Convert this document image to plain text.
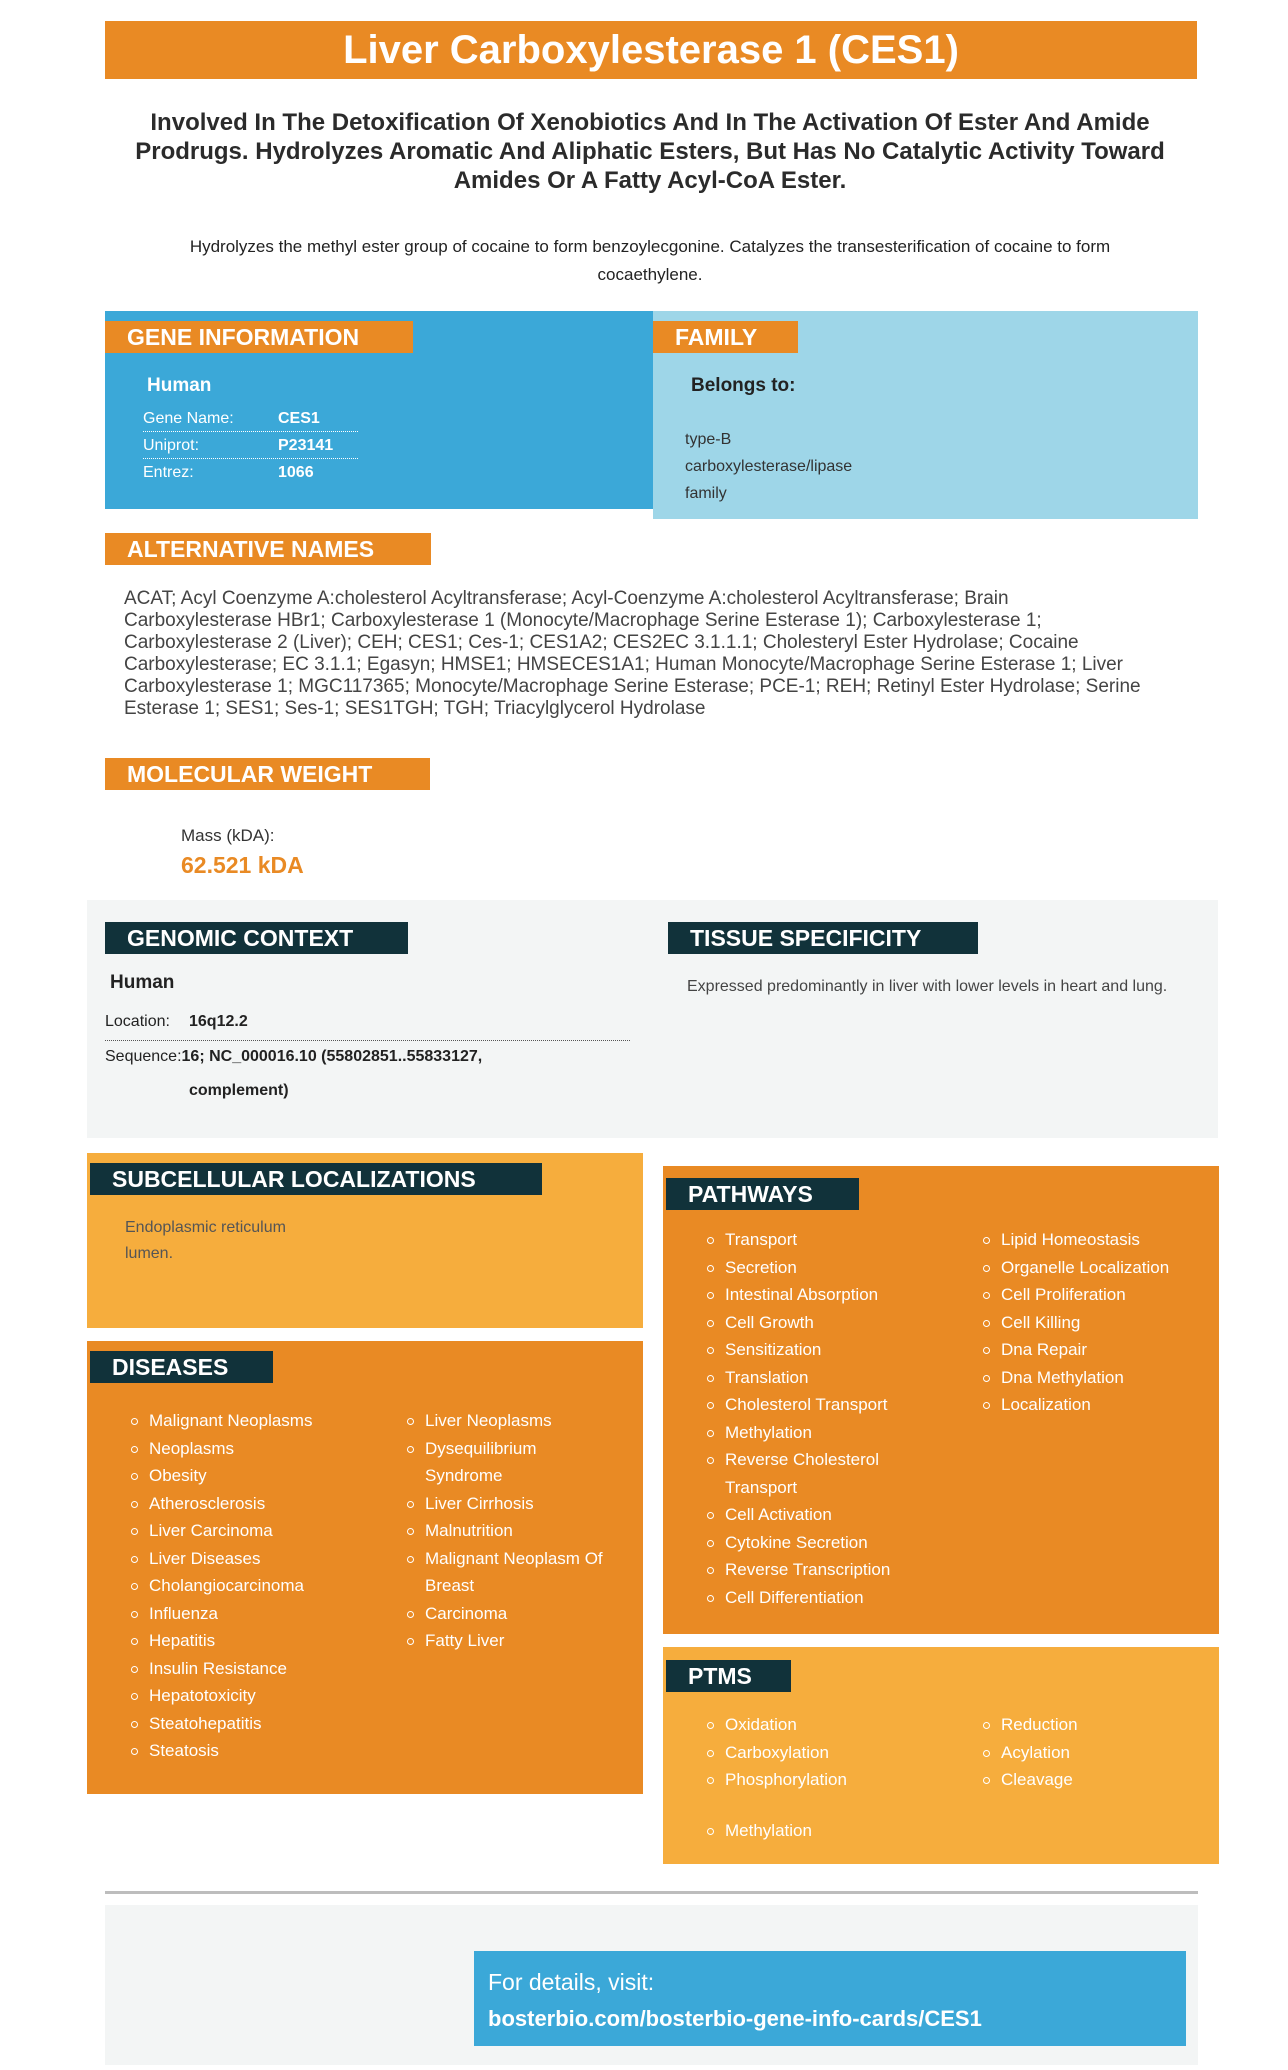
Liver Carboxylesterase 1 (CES1)
Involved In The Detoxification Of Xenobiotics And In The Activation Of Ester And Amide Prodrugs. Hydrolyzes Aromatic And Aliphatic Esters, But Has No Catalytic Activity Toward Amides Or A Fatty Acyl-CoA Ester.
Hydrolyzes the methyl ester group of cocaine to form benzoylecgonine. Catalyzes the transesterification of cocaine to form cocaethylene.
GENE INFORMATION
Human
Gene Name:	CES1
Uniprot:	P23141
Entrez:	1066
FAMILY
Belongs to:
type-B
carboxylesterase/lipase
family
ALTERNATIVE NAMES
ACAT; Acyl Coenzyme A:cholesterol Acyltransferase; Acyl-Coenzyme A:cholesterol Acyltransferase; Brain Carboxylesterase HBr1; Carboxylesterase 1 (Monocyte/Macrophage Serine Esterase 1); Carboxylesterase 1; Carboxylesterase 2 (Liver); CEH; CES1; Ces-1; CES1A2; CES2EC 3.1.1.1; Cholesteryl Ester Hydrolase; Cocaine Carboxylesterase; EC 3.1.1; Egasyn; HMSE1; HMSECES1A1; Human Monocyte/Macrophage Serine Esterase 1; Liver Carboxylesterase 1; MGC117365; Monocyte/Macrophage Serine Esterase; PCE-1; REH; Retinyl Ester Hydrolase; Serine Esterase 1; SES1; Ses-1; SES1TGH; TGH; Triacylglycerol Hydrolase
MOLECULAR WEIGHT
Mass (kDA):
62.521 kDA
GENOMIC CONTEXT
Human
Location: 16q12.2
Sequence:16; NC_000016.10 (55802851..55833127,
complement)
TISSUE SPECIFICITY
Expressed predominantly in liver with lower levels in heart and lung.
SUBCELLULAR LOCALIZATIONS
Endoplasmic reticulum
lumen.
DISEASES
Malignant Neoplasms
Neoplasms
Obesity
Atherosclerosis
Liver Carcinoma
Liver Diseases
Cholangiocarcinoma
Influenza
Hepatitis
Insulin Resistance
Hepatotoxicity
Steatohepatitis
Steatosis
Liver Neoplasms
Dysequilibrium
Syndrome
Liver Cirrhosis
Malnutrition
Malignant Neoplasm Of
Breast
Carcinoma
Fatty Liver
PATHWAYS
Transport
Secretion
Intestinal Absorption
Cell Growth
Sensitization
Translation
Cholesterol Transport
Methylation
Reverse Cholesterol
Transport
Cell Activation
Cytokine Secretion
Reverse Transcription
Cell Differentiation
Lipid Homeostasis
Organelle Localization
Cell Proliferation
Cell Killing
Dna Repair
Dna Methylation
Localization
PTMS
Oxidation
Carboxylation
Phosphorylation
Reduction
Acylation
Cleavage
Methylation
For details, visit:
bosterbio.com/bosterbio-gene-info-cards/CES1
